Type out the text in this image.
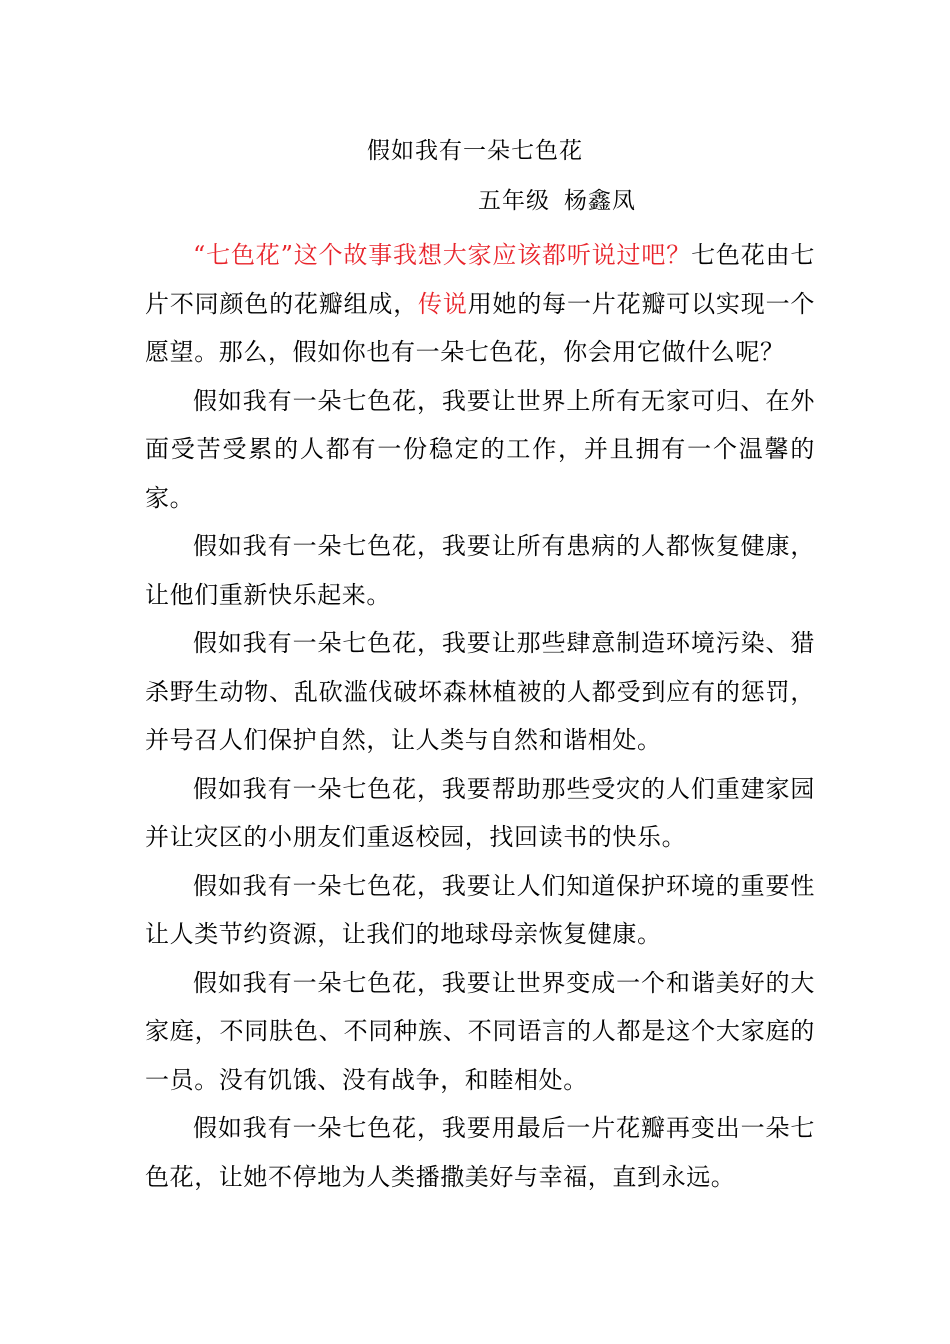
假如我有一朵七色花
五年级 杨鑫凤

“七色花”这个故事我想大家应该都听说过吧？七色花由七片不同颜色的花瓣组成，传说用她的每一片花瓣可以实现一个愿望。那么，假如你也有一朵七色花，你会用它做什么呢？

假如我有一朵七色花，我要让世界上所有无家可归、在外面受苦受累的人都有一份稳定的工作，并且拥有一个温馨的家。

假如我有一朵七色花，我要让所有患病的人都恢复健康，让他们重新快乐起来。

假如我有一朵七色花，我要让那些肆意制造环境污染、猎杀野生动物、乱砍滥伐破坏森林植被的人都受到应有的惩罚，并号召人们保护自然，让人类与自然和谐相处。

假如我有一朵七色花，我要帮助那些受灾的人们重建家园并让灾区的小朋友们重返校园，找回读书的快乐。

假如我有一朵七色花，我要让人们知道保护环境的重要性让人类节约资源，让我们的地球母亲恢复健康。

假如我有一朵七色花，我要让世界变成一个和谐美好的大家庭，不同肤色、不同种族、不同语言的人都是这个大家庭的一员。没有饥饿、没有战争，和睦相处。

假如我有一朵七色花，我要用最后一片花瓣再变出一朵七色花，让她不停地为人类播撒美好与幸福，直到永远。
